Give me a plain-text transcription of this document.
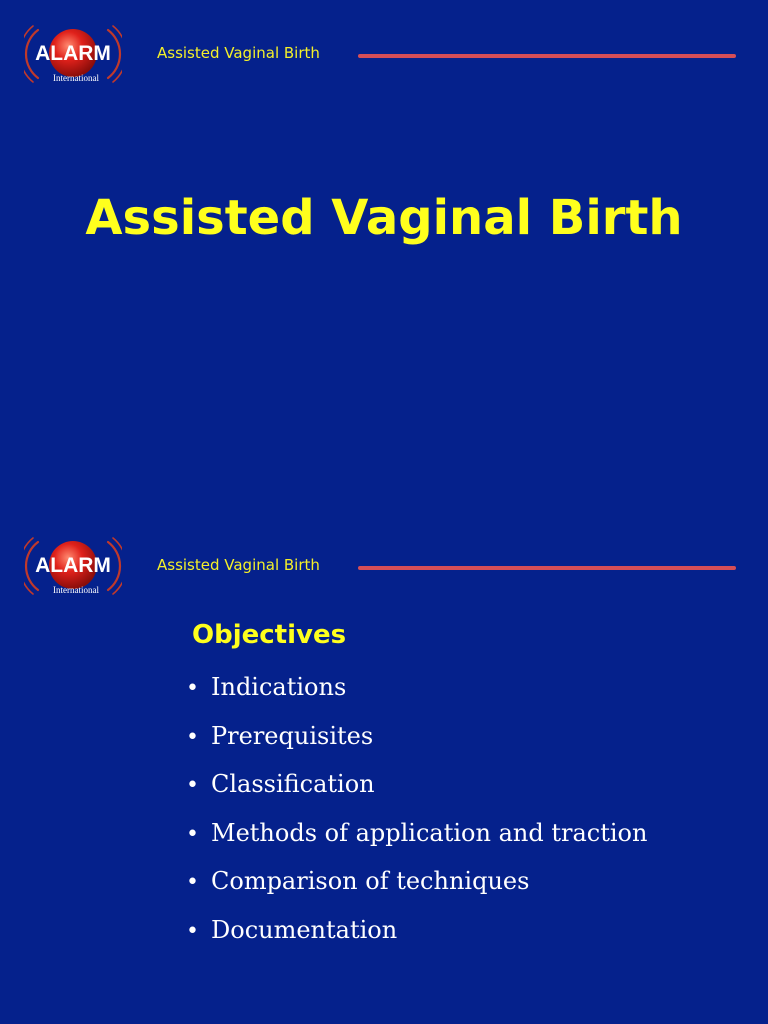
ALARM
International
Assisted Vaginal Birth
Assisted Vaginal Birth
ALARM
International
Assisted Vaginal Birth
Objectives
• Indications
• Prerequisites
• Classification
• Methods of application and traction
• Comparison of techniques
• Documentation
